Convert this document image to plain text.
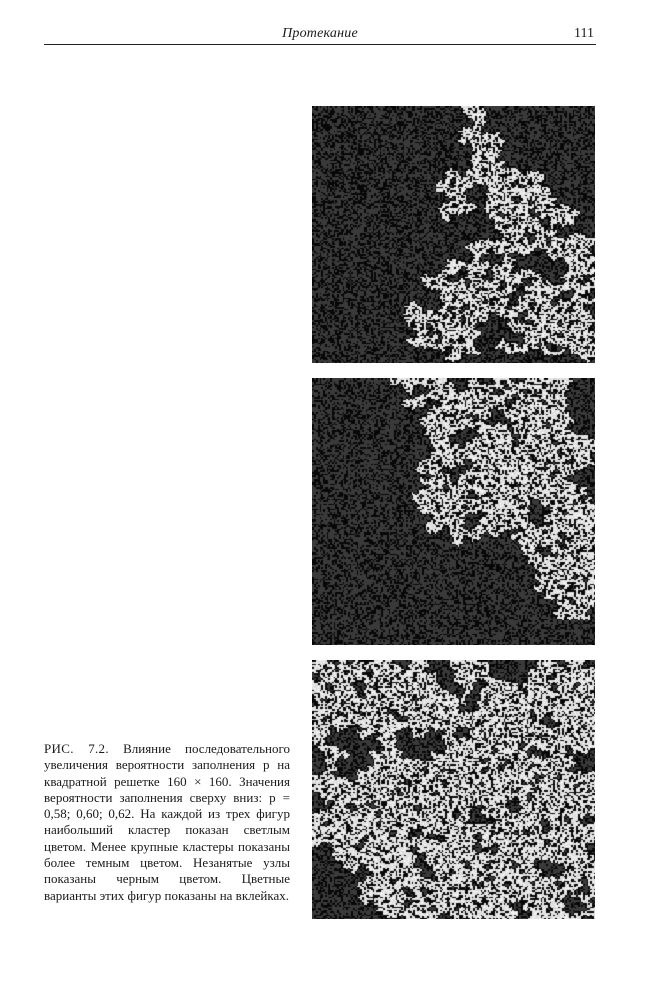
Протекание	111

РИС. 7.2. Влияние последовательного увеличения вероятности заполнения p на квадратной решетке 160 × 160. Значения вероятности заполнения сверху вниз: p = 0,58; 0,60; 0,62. На каждой из трех фигур наибольший кластер показан светлым цветом. Менее крупные кластеры показаны более темным цветом. Незанятые узлы показаны черным цветом. Цветные варианты этих фигур показаны на вклейках.
